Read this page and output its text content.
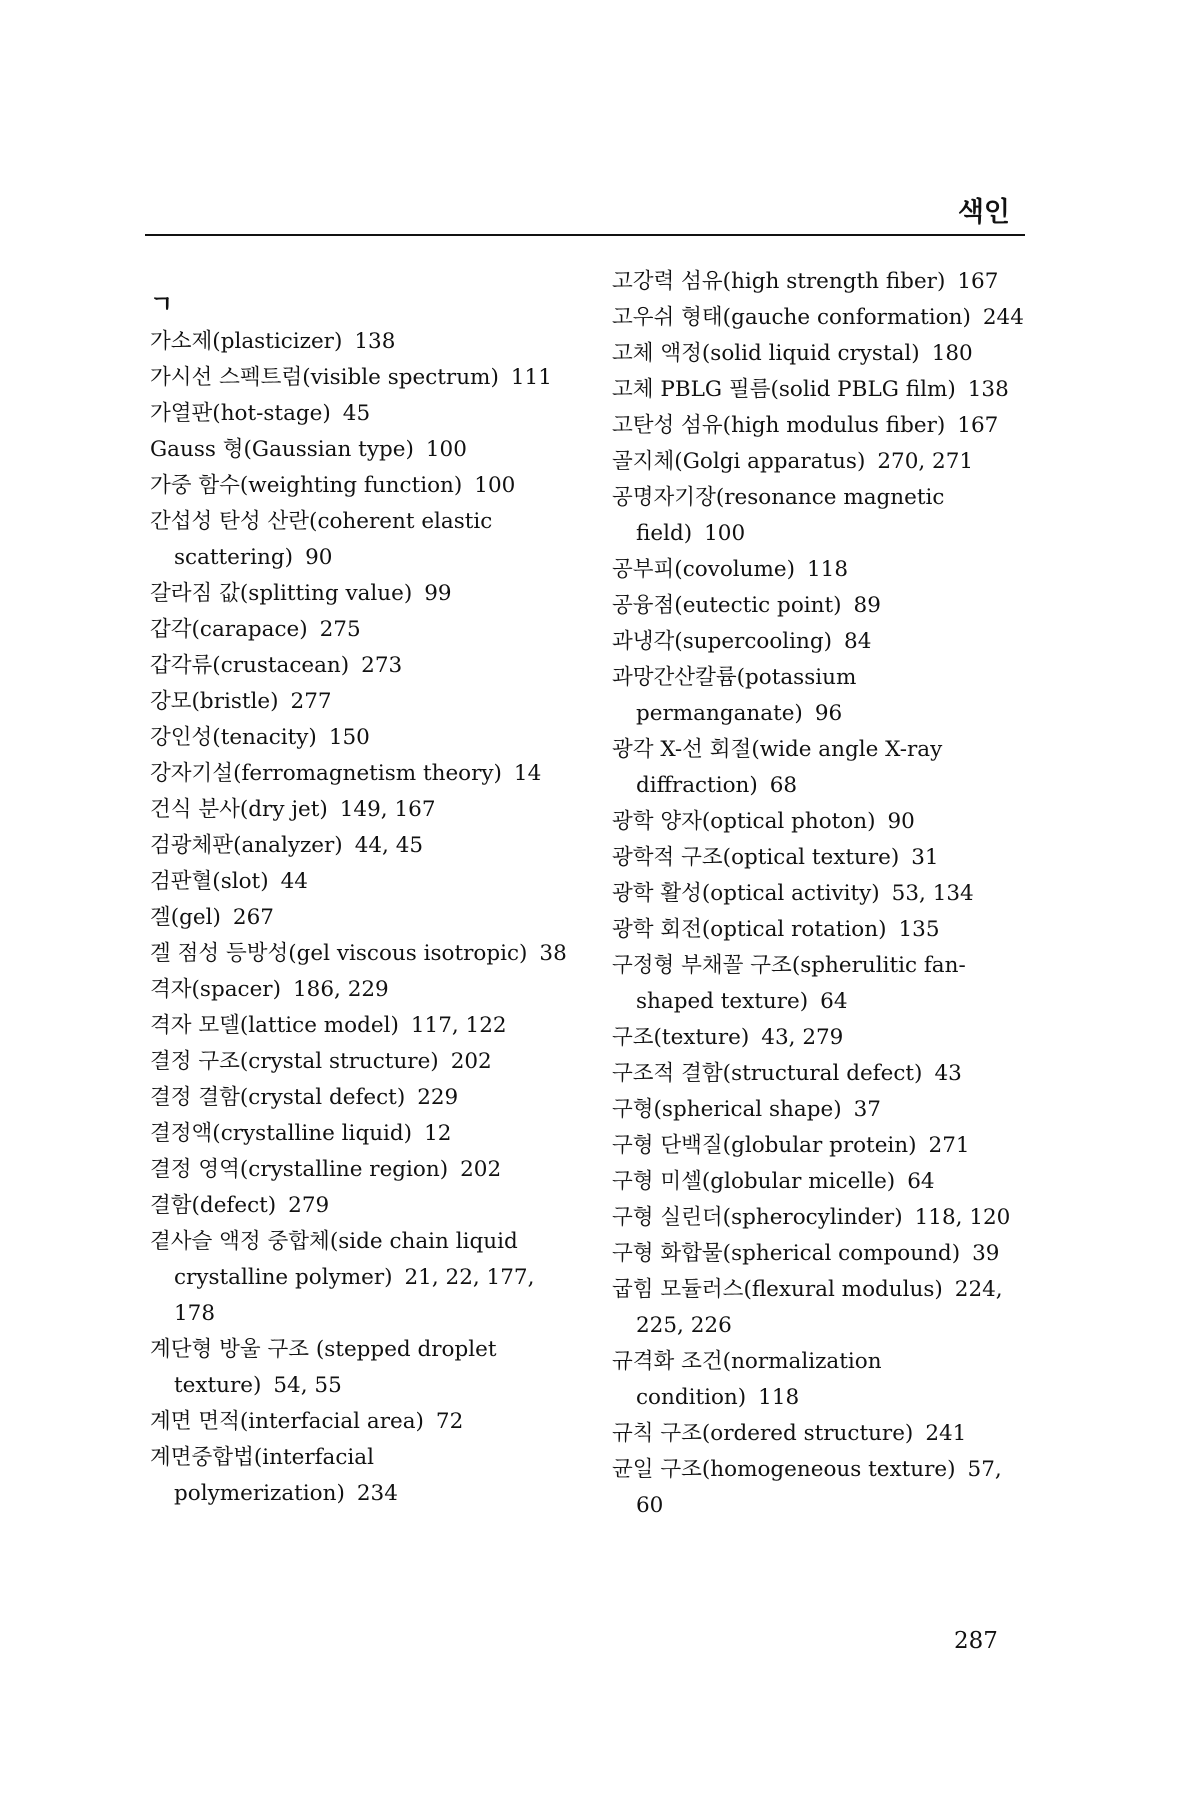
색인
ㄱ
가소제(plasticizer) 138
가시선 스펙트럼(visible spectrum) 111
가열판(hot-stage) 45
Gauss 형(Gaussian type) 100
가중 함수(weighting function) 100
간섭성 탄성 산란(coherent elastic scattering) 90
갈라짐 값(splitting value) 99
갑각(carapace) 275
갑각류(crustacean) 273
강모(bristle) 277
강인성(tenacity) 150
강자기설(ferromagnetism theory) 14
건식 분사(dry jet) 149, 167
검광체판(analyzer) 44, 45
검판혈(slot) 44
겔(gel) 267
겔 점성 등방성(gel viscous isotropic) 38
격자(spacer) 186, 229
격자 모델(lattice model) 117, 122
결정 구조(crystal structure) 202
결정 결함(crystal defect) 229
결정액(crystalline liquid) 12
결정 영역(crystalline region) 202
결함(defect) 279
곁사슬 액정 중합체(side chain liquid crystalline polymer) 21, 22, 177, 178
계단형 방울 구조 (stepped droplet texture) 54, 55
계면 면적(interfacial area) 72
계면중합법(interfacial polymerization) 234
고강력 섬유(high strength fiber) 167
고우쉬 형태(gauche conformation) 244
고체 액정(solid liquid crystal) 180
고체 PBLG 필름(solid PBLG film) 138
고탄성 섬유(high modulus fiber) 167
골지체(Golgi apparatus) 270, 271
공명자기장(resonance magnetic field) 100
공부피(covolume) 118
공융점(eutectic point) 89
과냉각(supercooling) 84
과망간산칼륨(potassium permanganate) 96
광각 X-선 회절(wide angle X-ray diffraction) 68
광학 양자(optical photon) 90
광학적 구조(optical texture) 31
광학 활성(optical activity) 53, 134
광학 회전(optical rotation) 135
구정형 부채꼴 구조(spherulitic fan-shaped texture) 64
구조(texture) 43, 279
구조적 결함(structural defect) 43
구형(spherical shape) 37
구형 단백질(globular protein) 271
구형 미셀(globular micelle) 64
구형 실린더(spherocylinder) 118, 120
구형 화합물(spherical compound) 39
굽힘 모듈러스(flexural modulus) 224, 225, 226
규격화 조건(normalization condition) 118
규칙 구조(ordered structure) 241
균일 구조(homogeneous texture) 57, 60
287
